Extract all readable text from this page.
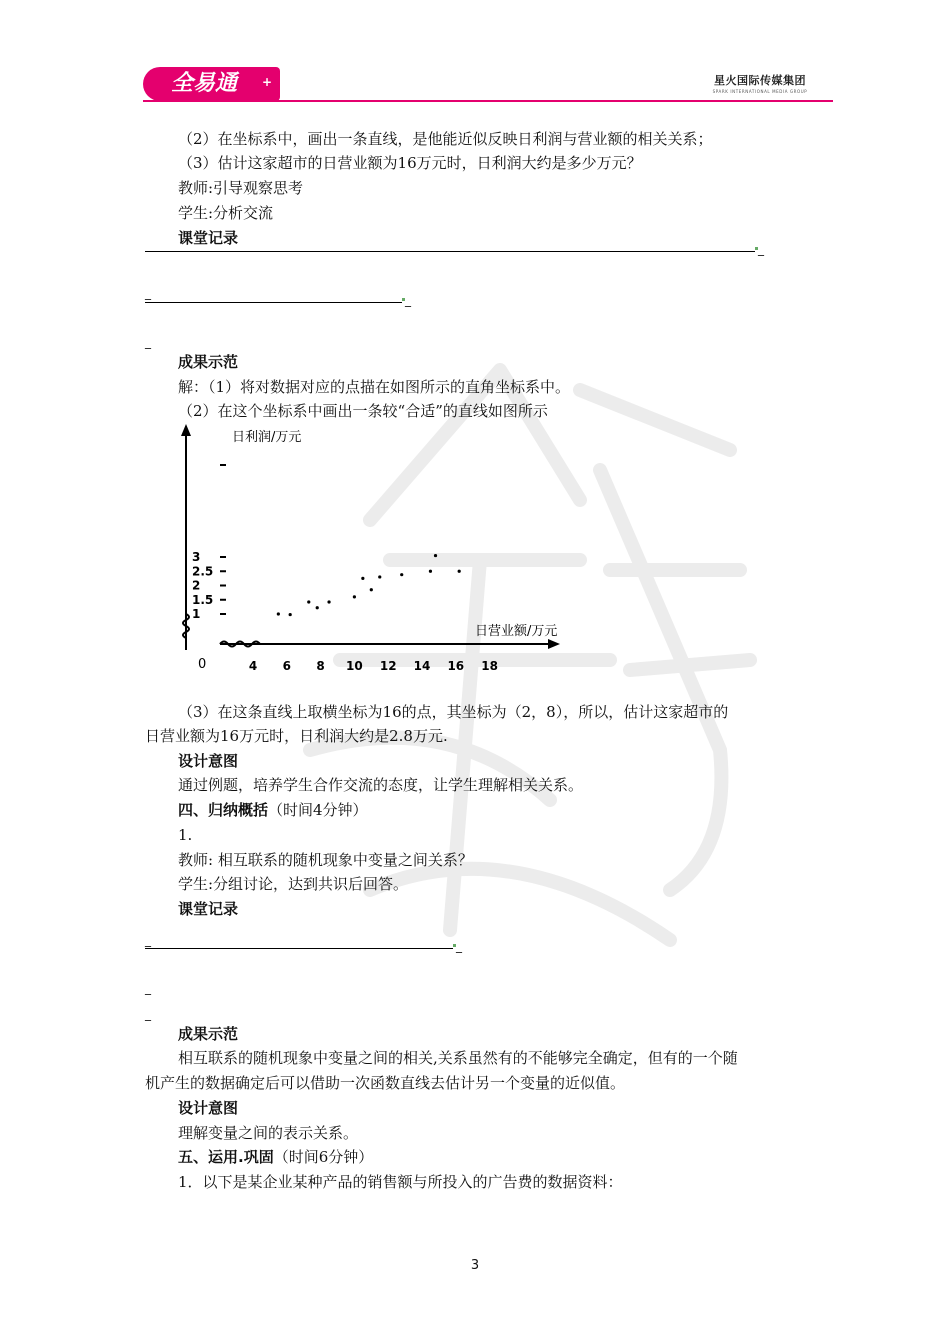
全易通 +	星火国际传媒集团
SPARK INTERNATIONAL MEDIA GROUP
（2）在坐标系中，画出一条直线，是他能近似反映日利润与营业额的相关关系；
（3）估计这家超市的日营业额为16万元时，日利润大约是多少万元？
教师:引导观察思考
学生:分析交流
课堂记录
_
_	_
_
成果示范
解：（1）将对数据对应的点描在如图所示的直角坐标系中。
（2）在这个坐标系中画出一条较“合适”的直线如图所示
日利润/万元
日营业额/万元
0	4 6 8 10 12 14 16 18
1
1.5
2
2.5
3
（3）在这条直线上取横坐标为16的点，其坐标为（2，8），所以，估计这家超市的
日营业额为16万元时，日利润大约是2.8万元.
设计意图
通过例题，培养学生合作交流的态度，让学生理解相关关系。
四、归纳概括（时间4分钟）
1.
教师: 相互联系的随机现象中变量之间关系？
学生:分组讨论，达到共识后回答。
课堂记录
_	_
_
_
成果示范
相互联系的随机现象中变量之间的相关,关系虽然有的不能够完全确定，但有的一个随
机产生的数据确定后可以借助一次函数直线去估计另一个变量的近似值。
设计意图
理解变量之间的表示关系。
五、运用.巩固（时间6分钟）
1．以下是某企业某种产品的销售额与所投入的广告费的数据资料：
3
